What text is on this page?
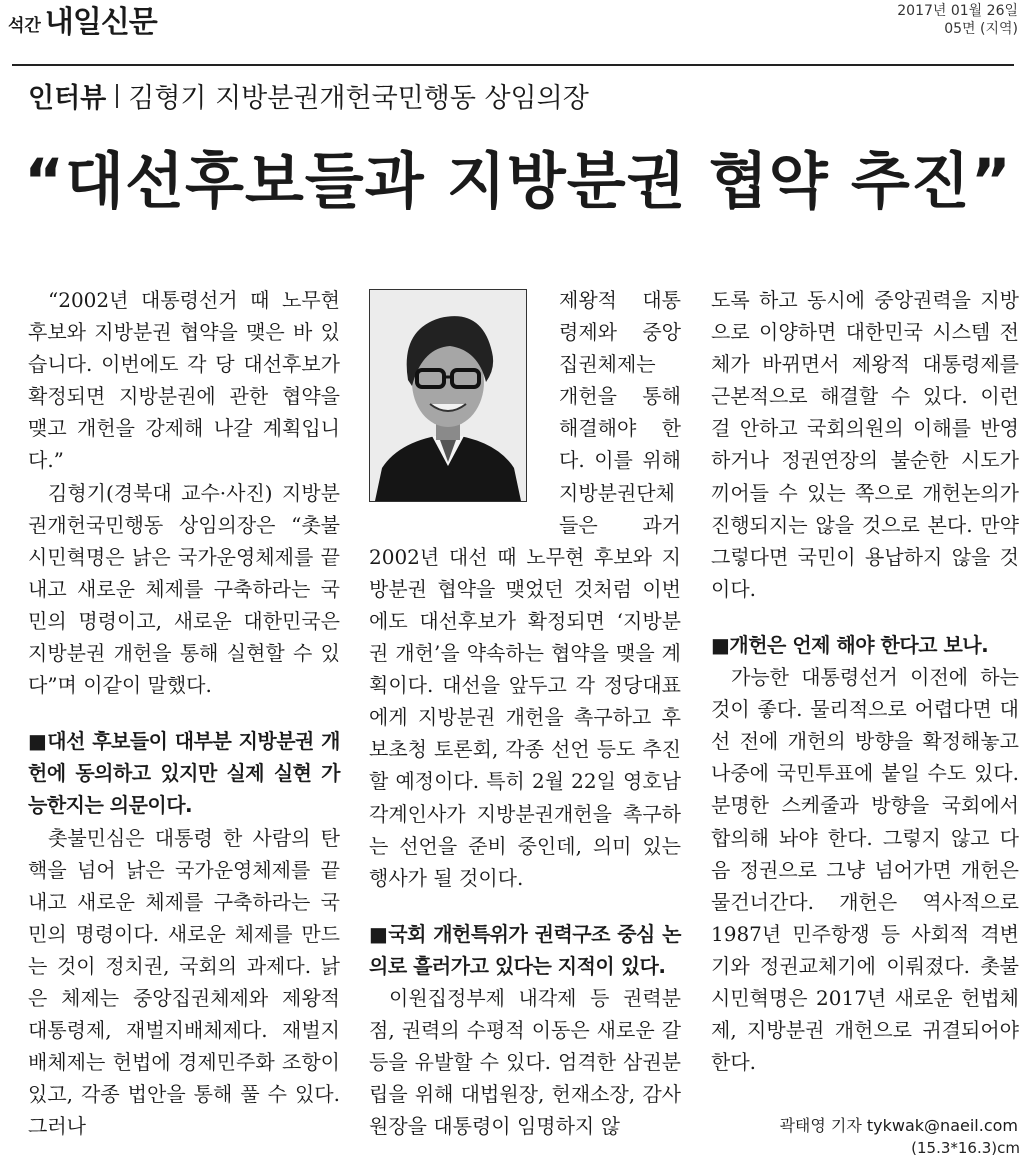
석간 내일신문	2017년 01월 26일
05면 (지역)
인터뷰 김형기 지방분권개헌국민행동 상임의장
“대선후보들과 지방분권 협약 추진”

“2002년 대통령선거 때 노무현 후보와 지방분권 협약을 맺은 바 있습니다. 이번에도 각 당 대선후보가 확정되면 지방분권에 관한 협약을 맺고 개헌을 강제해 나갈 계획입니다.”

김형기(경북대 교수·사진) 지방분권개헌국민행동 상임의장은 “촛불시민혁명은 낡은 국가운영체제를 끝내고 새로운 체제를 구축하라는 국민의 명령이고, 새로운 대한민국은 지방분권 개헌을 통해 실현할 수 있다”며 이같이 말했다.

■대선 후보들이 대부분 지방분권 개헌에 동의하고 있지만 실제 실현 가능한지는 의문이다.

촛불민심은 대통령 한 사람의 탄핵을 넘어 낡은 국가운영체제를 끝내고 새로운 체제를 구축하라는 국민의 명령이다. 새로운 체제를 만드는 것이 정치권, 국회의 과제다. 낡은 체제는 중앙집권체제와 제왕적 대통령제, 재벌지배체제다. 재벌지배체제는 헌법에 경제민주화 조항이 있고, 각종 법안을 통해 풀 수 있다. 그러나

제왕적 대통령제와 중앙집권체제는 개헌을 통해 해결해야 한다. 이를 위해 지방분권단체들은 과거 2002년 대선 때 노무현 후보와 지방분권 협약을 맺었던 것처럼 이번에도 대선후보가 확정되면 ‘지방분권 개헌’을 약속하는 협약을 맺을 계획이다. 대선을 앞두고 각 정당대표에게 지방분권 개헌을 촉구하고 후보초청 토론회, 각종 선언 등도 추진할 예정이다. 특히 2월 22일 영호남 각계인사가 지방분권개헌을 촉구하는 선언을 준비 중인데, 의미 있는 행사가 될 것이다.

■국회 개헌특위가 권력구조 중심 논의로 흘러가고 있다는 지적이 있다.

이원집정부제 내각제 등 권력분점, 권력의 수평적 이동은 새로운 갈등을 유발할 수 있다. 엄격한 삼권분립을 위해 대법원장, 헌재소장, 감사원장을 대통령이 임명하지 않

도록 하고 동시에 중앙권력을 지방으로 이양하면 대한민국 시스템 전체가 바뀌면서 제왕적 대통령제를 근본적으로 해결할 수 있다. 이런 걸 안하고 국회의원의 이해를 반영하거나 정권연장의 불순한 시도가 끼어들 수 있는 쪽으로 개헌논의가 진행되지는 않을 것으로 본다. 만약 그렇다면 국민이 용납하지 않을 것이다.

■개헌은 언제 해야 한다고 보나.

가능한 대통령선거 이전에 하는 것이 좋다. 물리적으로 어렵다면 대선 전에 개헌의 방향을 확정해놓고 나중에 국민투표에 붙일 수도 있다. 분명한 스케줄과 방향을 국회에서 합의해 놔야 한다. 그렇지 않고 다음 정권으로 그냥 넘어가면 개헌은 물건너간다. 개헌은 역사적으로 1987년 민주항쟁 등 사회적 격변기와 정권교체기에 이뤄졌다. 촛불시민혁명은 2017년 새로운 헌법체제, 지방분권 개헌으로 귀결되어야 한다.

곽태영 기자 tykwak@naeil.com
(15.3*16.3)cm
